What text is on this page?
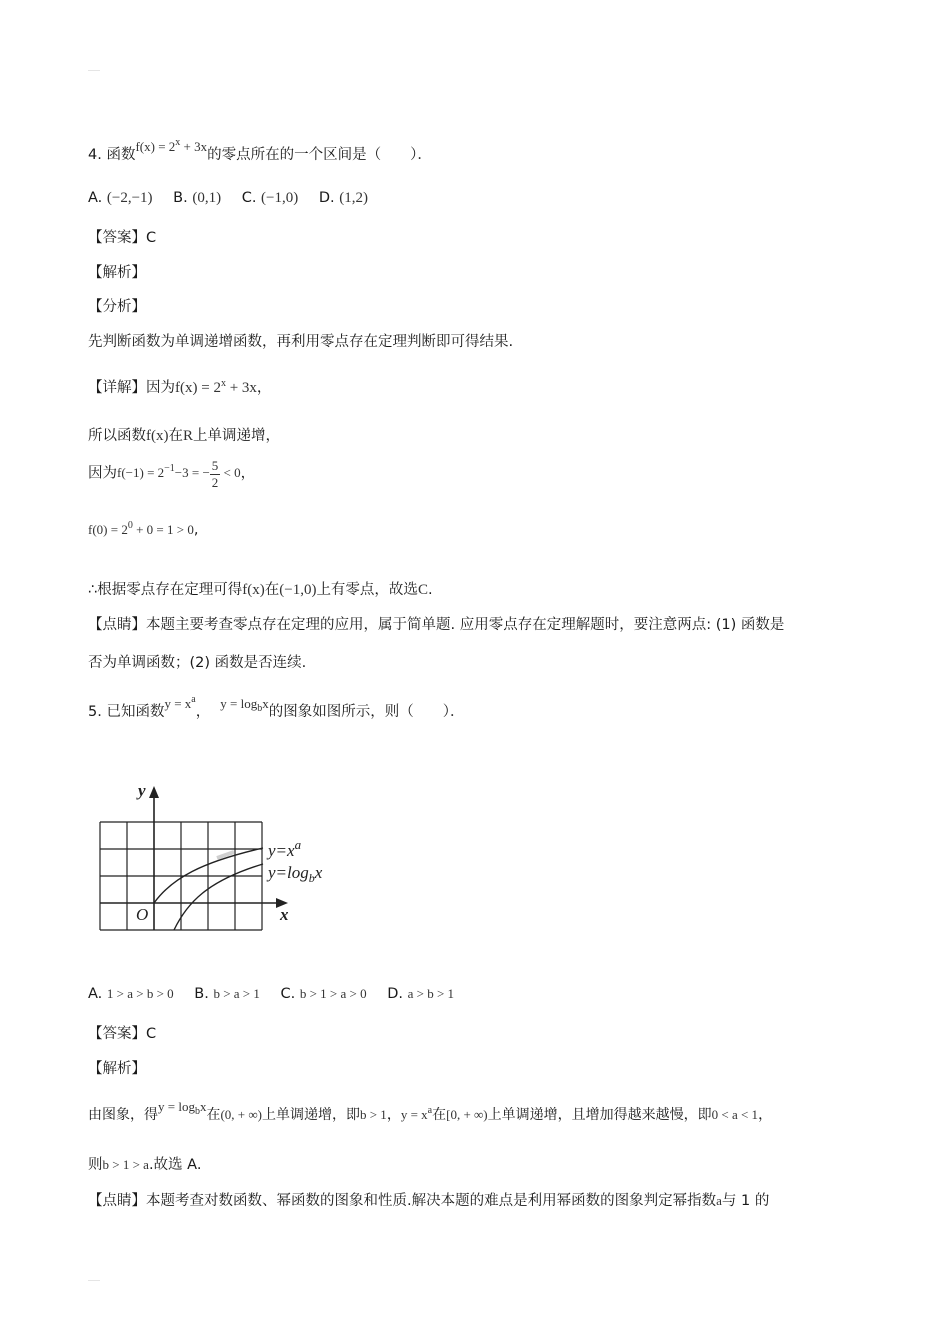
4. 函数$f(x) = 2^x + 3x$的零点所在的一个区间是（　　）．
A. (−2,−1) B. (0,1) C. (−1,0) D. (1,2)
【答案】C
【解析】
【分析】
先判断函数为单调递增函数，再利用零点存在定理判断即可得结果.
【详解】因为$f(x) = 2^x + 3x$，
所以函数f(x)在R上单调递增，
因为$f(-1) = 2^{-1}-3$ = − $\frac{5}{2} < 0$，
$f(0) = 2^0 + 0 = 1 > 0$,
∴根据零点存在定理可得f(x)在(−1,0)上有零点，故选C.
【点睛】本题主要考查零点存在定理的应用，属于简单题. 应用零点存在定理解题时，要注意两点: (1) 函数是
否为单调函数；(2) 函数是否连续.
5. 已知函数$y = x^a$，$y = \log_bx$的图象如图所示，则（　　）．
y
x
O
$y=x^a$
$y=\log_bx$
A. 1 > a > b > 0 B. b > a > 1 C. b > 1 > a > 0 D. a > b > 1
【答案】C
【解析】
由图象，得$y = \log_bx$在(0, + ∞)上单调递增，即b > 1，$y = x^a$在[0, + ∞)上单调递增，且增加得越来越慢，即0 < a < 1，
则b > 1 > a.故选 A.
【点睛】本题考查对数函数、幂函数的图象和性质.解决本题的难点是利用幂函数的图象判定幂指数a与 1 的
